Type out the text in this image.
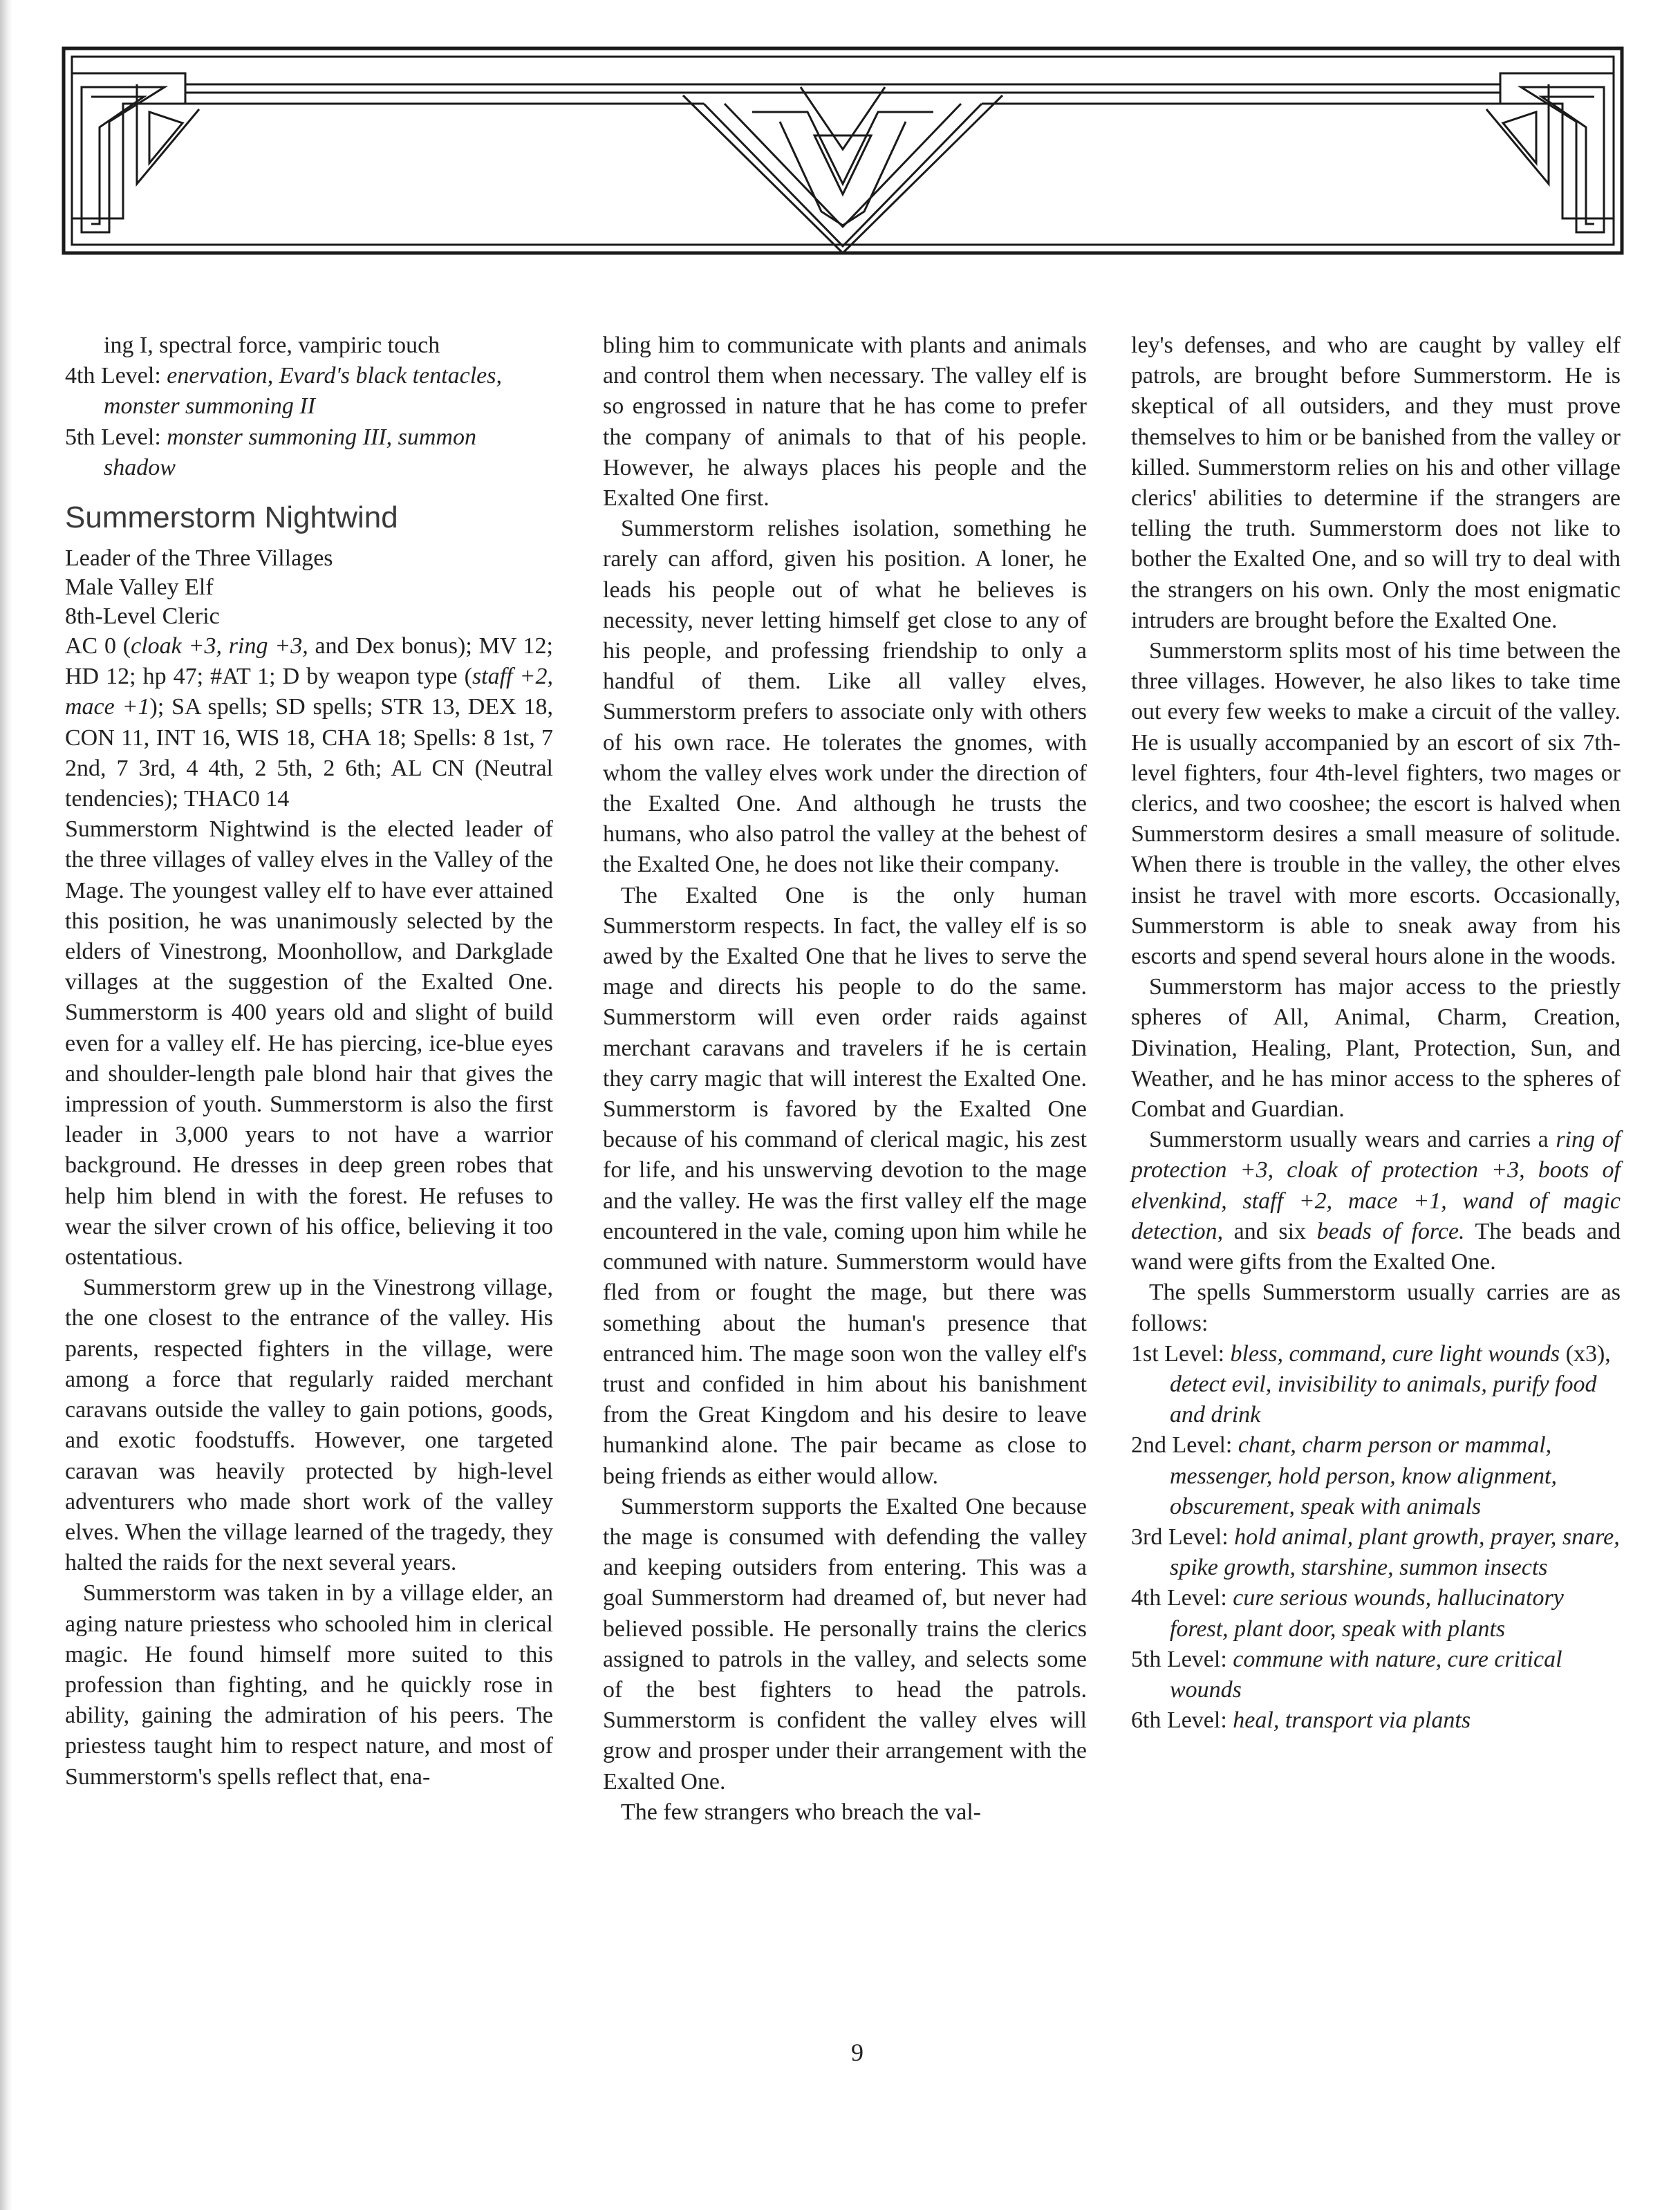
ing I, spectral force, vampiric touch
4th Level: enervation, Evard's black tentacles, monster summoning II
5th Level: monster summoning III, summon shadow
Summerstorm Nightwind

Leader of the Three Villages

Male Valley Elf

8th-Level Cleric

AC 0 (cloak +3, ring +3, and Dex bonus); MV 12; HD 12; hp 47; #AT 1; D by weapon type (staff +2, mace +1); SA spells; SD spells; STR 13, DEX 18, CON 11, INT 16, WIS 18, CHA 18; Spells: 8 1st, 7 2nd, 7 3rd, 4 4th, 2 5th, 2 6th; AL CN (Neutral tendencies); THAC0 14

Summerstorm Nightwind is the elected leader of the three villages of valley elves in the Valley of the Mage. The youngest valley elf to have ever attained this position, he was unanimously selected by the elders of Vinestrong, Moonhollow, and Darkglade villages at the suggestion of the Exalted One. Summerstorm is 400 years old and slight of build even for a valley elf. He has piercing, ice-blue eyes and shoulder-length pale blond hair that gives the impression of youth. Summerstorm is also the first leader in 3,000 years to not have a warrior background. He dresses in deep green robes that help him blend in with the forest. He refuses to wear the silver crown of his office, believing it too ostentatious.

Summerstorm grew up in the Vinestrong village, the one closest to the entrance of the valley. His parents, respected fighters in the village, were among a force that regularly raided merchant caravans outside the valley to gain potions, goods, and exotic foodstuffs. However, one targeted caravan was heavily protected by high-level adventurers who made short work of the valley elves. When the village learned of the tragedy, they halted the raids for the next several years.

Summerstorm was taken in by a village elder, an aging nature priestess who schooled him in clerical magic. He found himself more suited to this profession than fighting, and he quickly rose in ability, gaining the admiration of his peers. The priestess taught him to respect nature, and most of Summerstorm's spells reflect that, ena-

bling him to communicate with plants and animals and control them when necessary. The valley elf is so engrossed in nature that he has come to prefer the company of animals to that of his people. However, he always places his people and the Exalted One first.

Summerstorm relishes isolation, something he rarely can afford, given his position. A loner, he leads his people out of what he believes is necessity, never letting himself get close to any of his people, and professing friendship to only a handful of them. Like all valley elves, Summerstorm prefers to associate only with others of his own race. He tolerates the gnomes, with whom the valley elves work under the direction of the Exalted One. And although he trusts the humans, who also patrol the valley at the behest of the Exalted One, he does not like their company.

The Exalted One is the only human Summerstorm respects. In fact, the valley elf is so awed by the Exalted One that he lives to serve the mage and directs his people to do the same. Summerstorm will even order raids against merchant caravans and travelers if he is certain they carry magic that will interest the Exalted One. Summerstorm is favored by the Exalted One because of his command of clerical magic, his zest for life, and his unswerving devotion to the mage and the valley. He was the first valley elf the mage encountered in the vale, coming upon him while he communed with nature. Summerstorm would have fled from or fought the mage, but there was something about the human's presence that entranced him. The mage soon won the valley elf's trust and confided in him about his banishment from the Great Kingdom and his desire to leave humankind alone. The pair became as close to being friends as either would allow.

Summerstorm supports the Exalted One because the mage is consumed with defending the valley and keeping outsiders from entering. This was a goal Summerstorm had dreamed of, but never had believed possible. He personally trains the clerics assigned to patrols in the valley, and selects some of the best fighters to head the patrols. Summerstorm is confident the valley elves will grow and prosper under their arrangement with the Exalted One.

The few strangers who breach the val-

ley's defenses, and who are caught by valley elf patrols, are brought before Summerstorm. He is skeptical of all outsiders, and they must prove themselves to him or be banished from the valley or killed. Summerstorm relies on his and other village clerics' abilities to determine if the strangers are telling the truth. Summerstorm does not like to bother the Exalted One, and so will try to deal with the strangers on his own. Only the most enigmatic intruders are brought before the Exalted One.

Summerstorm splits most of his time between the three villages. However, he also likes to take time out every few weeks to make a circuit of the valley. He is usually accompanied by an escort of six 7th-level fighters, four 4th-level fighters, two mages or clerics, and two cooshee; the escort is halved when Summerstorm desires a small measure of solitude. When there is trouble in the valley, the other elves insist he travel with more escorts. Occasionally, Summerstorm is able to sneak away from his escorts and spend several hours alone in the woods.

Summerstorm has major access to the priestly spheres of All, Animal, Charm, Creation, Divination, Healing, Plant, Protection, Sun, and Weather, and he has minor access to the spheres of Combat and Guardian.

Summerstorm usually wears and carries a ring of protection +3, cloak of protection +3, boots of elvenkind, staff +2, mace +1, wand of magic detection, and six beads of force. The beads and wand were gifts from the Exalted One.

The spells Summerstorm usually carries are as follows:

1st Level: bless, command, cure light wounds (x3), detect evil, invisibility to animals, purify food and drink
2nd Level: chant, charm person or mammal, messenger, hold person, know alignment, obscurement, speak with animals
3rd Level: hold animal, plant growth, prayer, snare, spike growth, starshine, summon insects
4th Level: cure serious wounds, hallucinatory forest, plant door, speak with plants
5th Level: commune with nature, cure critical wounds
6th Level: heal, transport via plants
9
